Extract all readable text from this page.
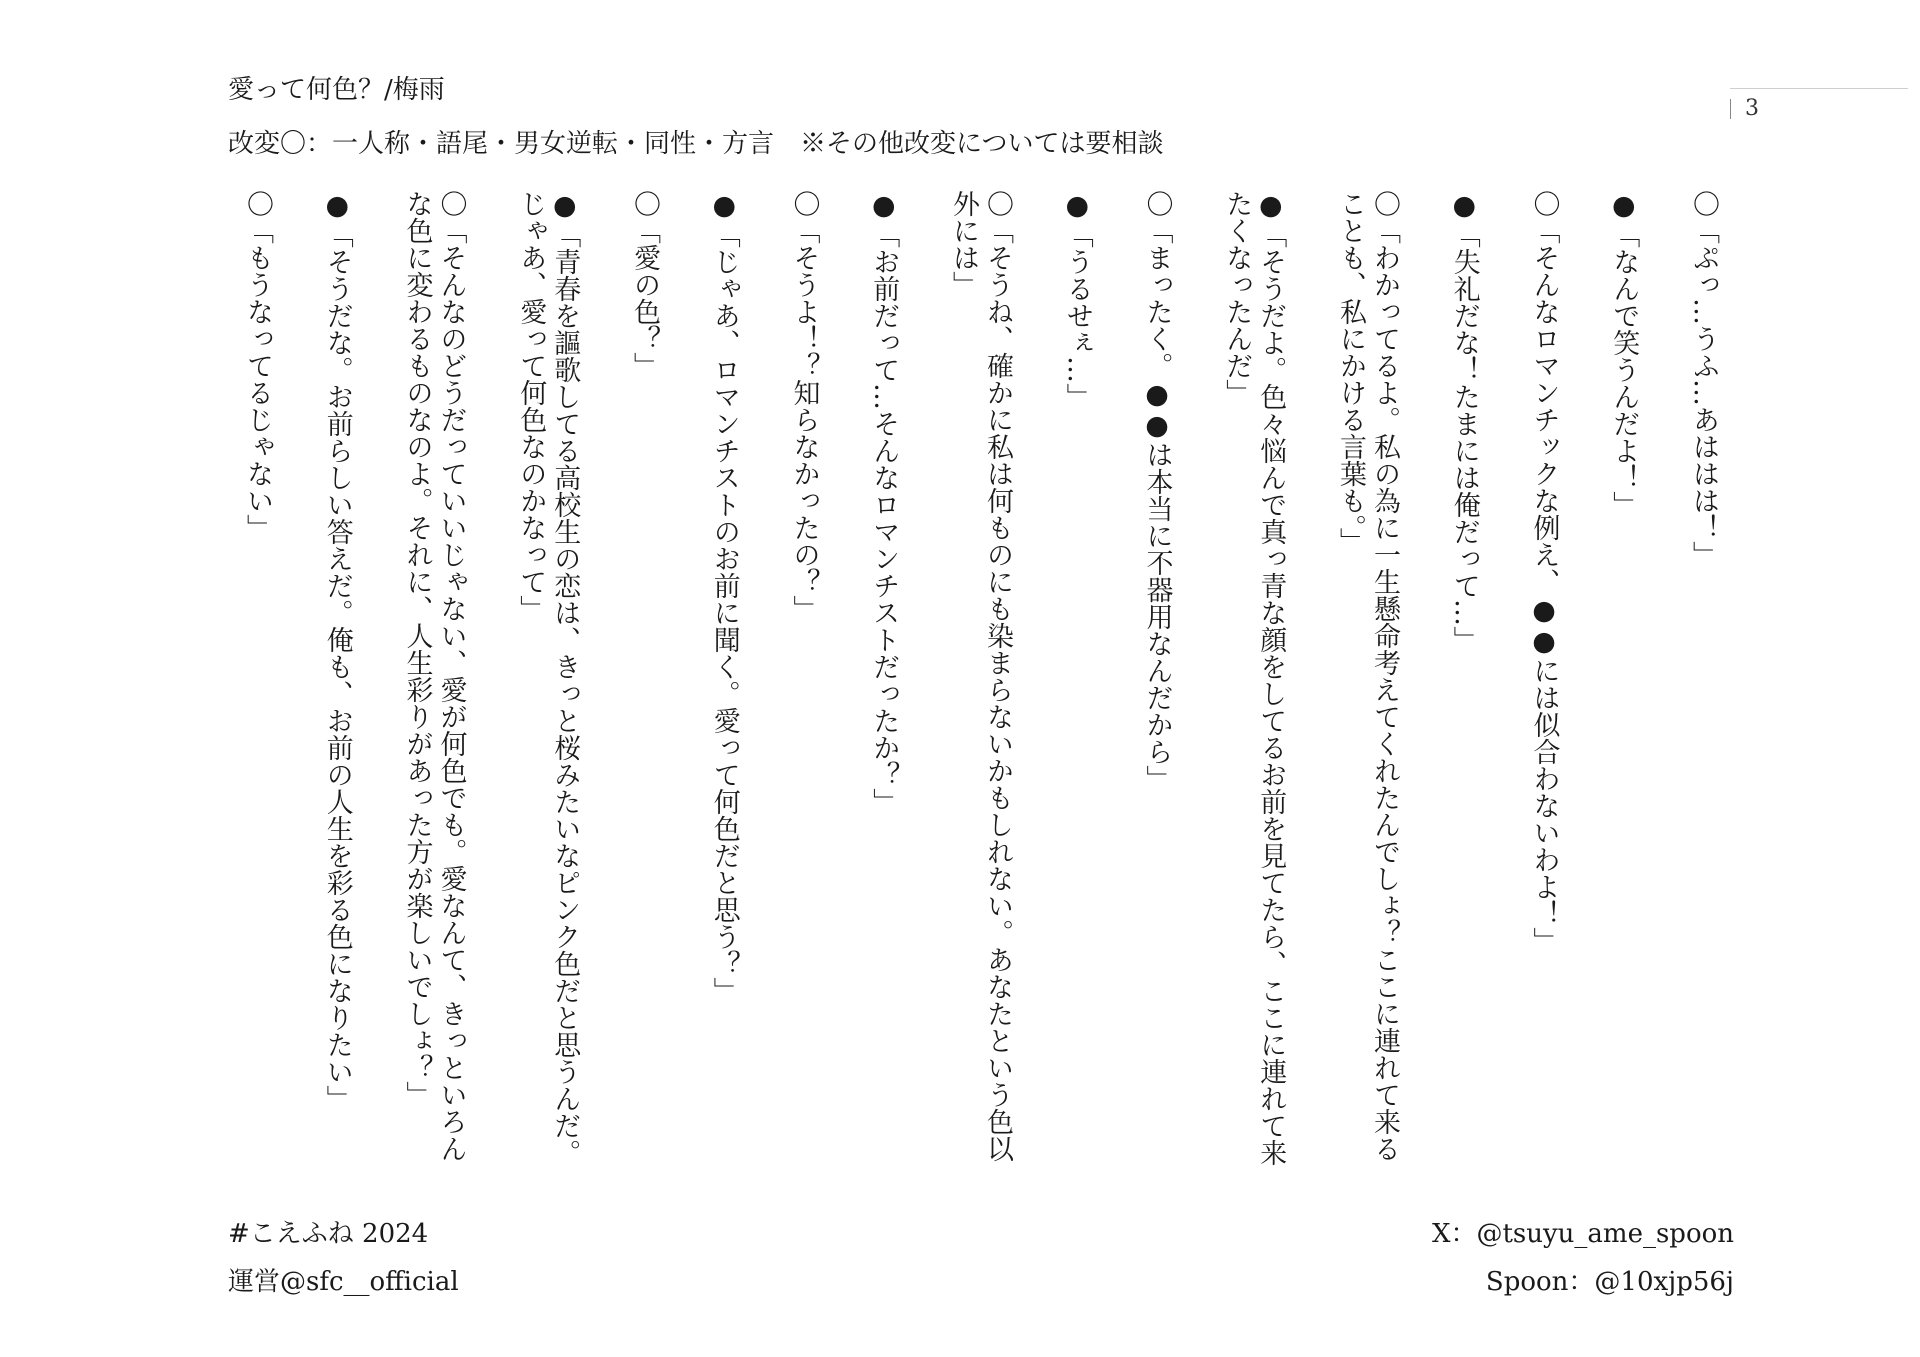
愛って何色？/梅雨
改変〇：一人称・語尾・男女逆転・同性・方言　※その他改変については要相談
3
〇「ぷっ…うふ…あははは！」
●「なんで笑うんだよ！」
〇「そんなロマンチックな例え、●●には似合わないわよ！」
●「失礼だな！たまには俺だって…」
〇「わかってるよ。私の為に一生懸命考えてくれたんでしょ？ここに連れて来ることも、私にかける言葉も。」
●「そうだよ。色々悩んで真っ青な顔をしてるお前を見てたら、ここに連れて来たくなったんだ」
〇「まったく。●●は本当に不器用なんだから」
●「うるせぇ…」
〇「そうね、確かに私は何ものにも染まらないかもしれない。あなたという色以外には」
●「お前だって…そんなロマンチストだったか？」
〇「そうよ！？知らなかったの？」
●「じゃあ、ロマンチストのお前に聞く。愛って何色だと思う？」
〇「愛の色？」
●「青春を謳歌してる高校生の恋は、きっと桜みたいなピンク色だと思うんだ。じゃあ、愛って何色なのかなって」
〇「そんなのどうだっていいじゃない、愛が何色でも。愛なんて、きっといろんな色に変わるものなのよ。それに、人生彩りがあった方が楽しいでしょ？」
●「そうだな。お前らしい答えだ。俺も、お前の人生を彩る色になりたい」
〇「もうなってるじゃない」
#こえふね 2024
運営@sfc__official
X：@tsuyu_ame_spoon
Spoon：@10xjp56j
